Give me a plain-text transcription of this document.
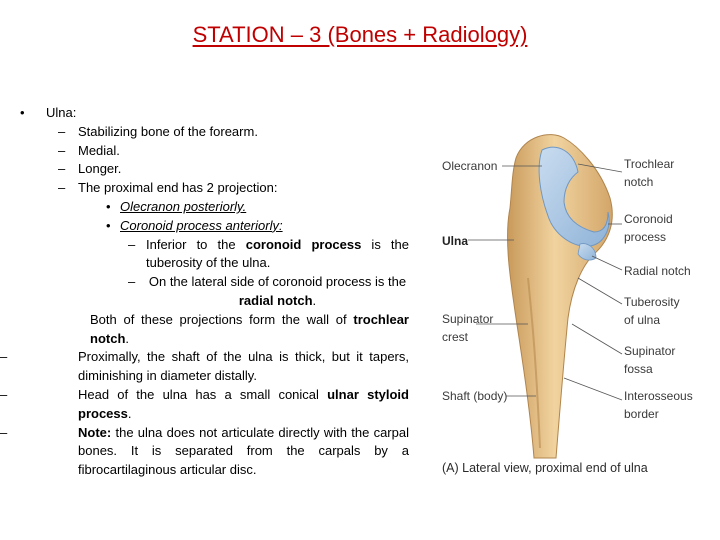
STATION – 3 (Bones + Radiology)
• Ulna:
– Stabilizing bone of the forearm.
– Medial.
– Longer.
– The proximal end has 2 projection:
• Olecranon posteriorly.
• Coronoid process anteriorly:
– Inferior to the coronoid process is the tuberosity of the ulna.
– On the lateral side of coronoid process is the radial notch.
Both of these projections form the wall of trochlear notch.
–	Proximally, the shaft of the ulna is thick, but it tapers, diminishing in diameter distally.
–	Head of the ulna has a small conical ulnar styloid process.
–	Note: the ulna does not articulate directly with the carpal bones. It is separated from the carpals by a fibrocartilaginous articular disc.
Olecranon
Ulna
Supinator
crest
Shaft (body)
Trochlear
notch
Coronoid
process
Radial notch
Tuberosity
of ulna
Supinator
fossa
Interosseous
border
(A) Lateral view, proximal end of ulna
